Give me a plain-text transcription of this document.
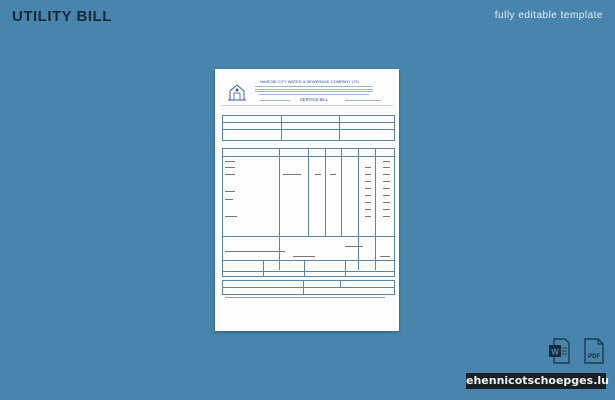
UTILITY BILL	fully editable template
NAIROBI CITY WATER & SEWERAGE COMPANY LTD
SERVICE BILL
W
PDF
ehennicotschoepges.lu
